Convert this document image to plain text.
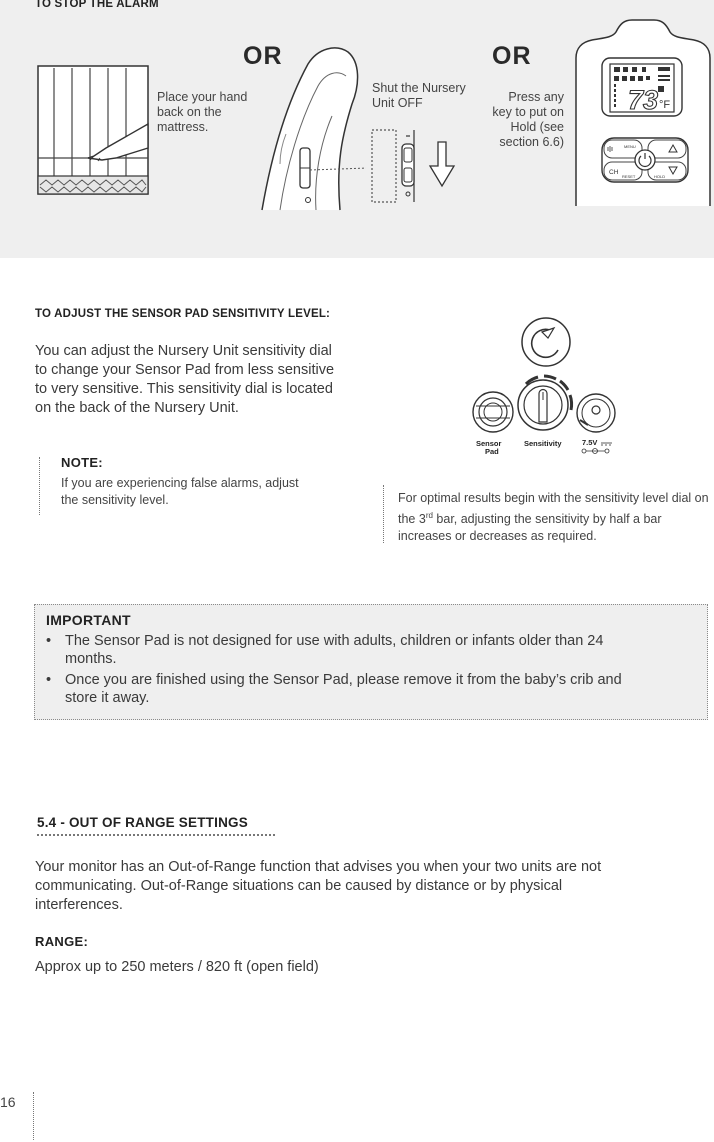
TO STOP THE ALARM
OR	OR
Place your hand back on the mattress.
Shut the Nursery Unit OFF	Press any key to put on Hold (see section 6.6)
73 °F
CH
MENU
RESET	HOLD
TO ADJUST THE SENSOR PAD SENSITIVITY LEVEL:
You can adjust the Nursery Unit sensitivity dial to change your Sensor Pad from less sensitive to very sensitive. This sensitivity dial is located on the back of the Nursery Unit.
NOTE:
If you are experiencing false alarms, adjust the sensitivity level.
Sensor
Pad
Sensitivity	7.5V
For optimal results begin with the sensitivity level dial on the 3rd bar, adjusting the sensitivity by half a bar increases or decreases as required.
IMPORTANT
• The Sensor Pad is not designed for use with adults, children or infants older than 24 months.
• Once you are finished using the Sensor Pad, please remove it from the baby’s crib and store it away.
5.4 - OUT OF RANGE SETTINGS
Your monitor has an Out-of-Range function that advises you when your two units are not communicating. Out-of-Range situations can be caused by distance or by physical interferences.
RANGE:
Approx up to 250 meters / 820 ft (open field)
16
